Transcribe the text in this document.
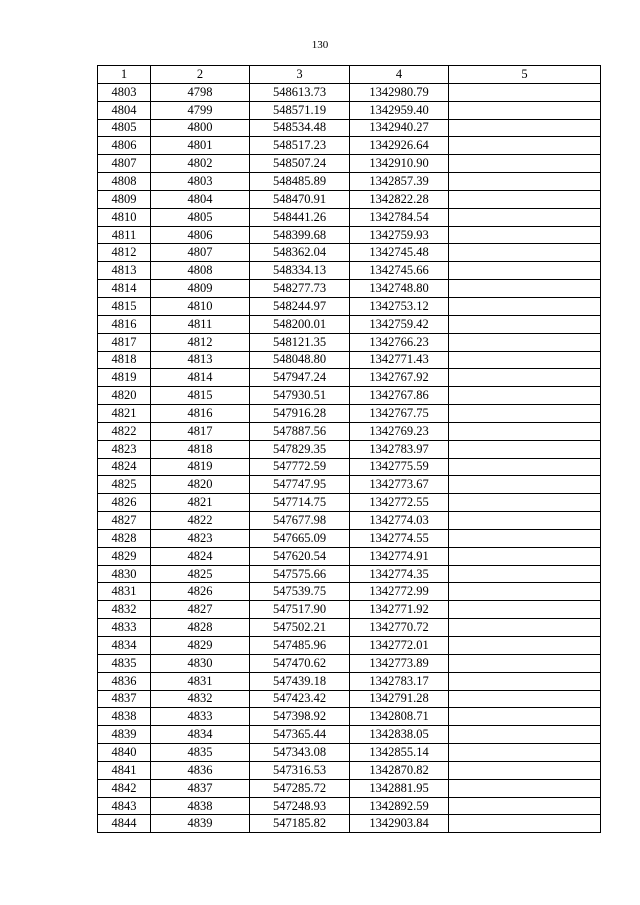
130
1	2	3	4	5
4803	4798	548613.73	1342980.79	
4804	4799	548571.19	1342959.40	
4805	4800	548534.48	1342940.27	
4806	4801	548517.23	1342926.64	
4807	4802	548507.24	1342910.90	
4808	4803	548485.89	1342857.39	
4809	4804	548470.91	1342822.28	
4810	4805	548441.26	1342784.54	
4811	4806	548399.68	1342759.93	
4812	4807	548362.04	1342745.48	
4813	4808	548334.13	1342745.66	
4814	4809	548277.73	1342748.80	
4815	4810	548244.97	1342753.12	
4816	4811	548200.01	1342759.42	
4817	4812	548121.35	1342766.23	
4818	4813	548048.80	1342771.43	
4819	4814	547947.24	1342767.92	
4820	4815	547930.51	1342767.86	
4821	4816	547916.28	1342767.75	
4822	4817	547887.56	1342769.23	
4823	4818	547829.35	1342783.97	
4824	4819	547772.59	1342775.59	
4825	4820	547747.95	1342773.67	
4826	4821	547714.75	1342772.55	
4827	4822	547677.98	1342774.03	
4828	4823	547665.09	1342774.55	
4829	4824	547620.54	1342774.91	
4830	4825	547575.66	1342774.35	
4831	4826	547539.75	1342772.99	
4832	4827	547517.90	1342771.92	
4833	4828	547502.21	1342770.72	
4834	4829	547485.96	1342772.01	
4835	4830	547470.62	1342773.89	
4836	4831	547439.18	1342783.17	
4837	4832	547423.42	1342791.28	
4838	4833	547398.92	1342808.71	
4839	4834	547365.44	1342838.05	
4840	4835	547343.08	1342855.14	
4841	4836	547316.53	1342870.82	
4842	4837	547285.72	1342881.95	
4843	4838	547248.93	1342892.59	
4844	4839	547185.82	1342903.84	
